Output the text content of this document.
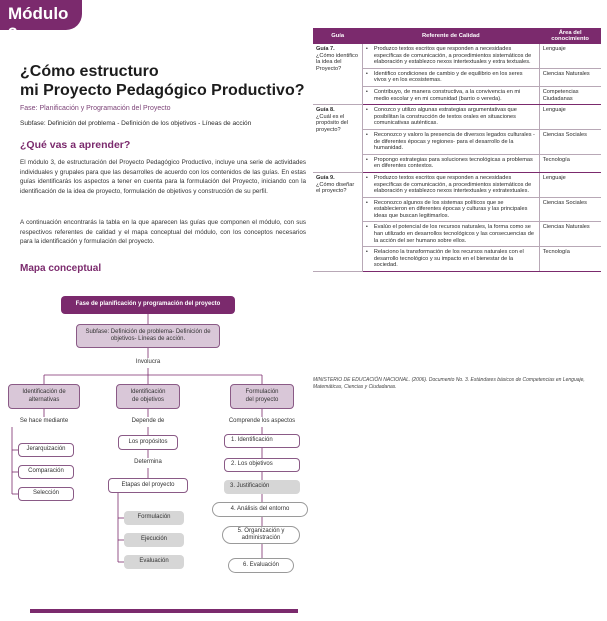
Módulo 3
¿Cómo estructuro
mi Proyecto Pedagógico Productivo?
Fase: Planificación y Programación del Proyecto
Subfase: Definición del problema - Definición de los objetivos - Líneas de acción
¿Qué vas a aprender?

El módulo 3, de estructuración del Proyecto Pedagógico Productivo, incluye una serie de actividades individuales y grupales para que las desarrolles de acuerdo con los contenidos de las guías. En estas guías identificarás los aspectos a tener en cuenta para la formulación del Proyecto, iniciando con la identificación de la idea de proyecto, formulación de objetivos y construcción de su perfil.

A continuación encontrarás la tabla en la que aparecen las guías que componen el módulo, con sus respectivos referentes de calidad y el mapa conceptual del módulo, con los conceptos necesarios para la identificación y formulación del proyecto.

Mapa conceptual
Fase de planificación y programación del proyecto
Subfase: Definición de problema- Definición de objetivos- Líneas de acción.
Involucra
Identificación de alternativas
Se hace mediante
Jerarquización
Comparación
Selección
Identificación de objetivos
Depende de
Los propósitos
Determina
Etapas del proyecto
Formulación
Ejecución
Evaluación
Formulación del proyecto
Comprende los aspectos
1. Identificación
2. Los objetivos
3. Justificación
4. Análisis del entorno
5. Organización y administración
6. Evaluación
Guía	Referente de Calidad	Área del conocimiento

Guía 7.
¿Cómo identifico la idea del Proyecto?	• Produzco textos escritos que responden a necesidades específicas de comunicación, a procedimientos sistemáticos de elaboración y establezco nexos intertextuales y extra textuales.	Lenguaje

	• Identifico condiciones de cambio y de equilibrio en los seres vivos y en los ecosistemas.	Ciencias Naturales

	• Contribuyo, de manera constructiva, a la convivencia en mi medio escolar y en mi comunidad (barrio o vereda).	Competencias Ciudadanas

Guía 8.
¿Cuál es el propósito del proyecto?	• Conozco y utilizo algunas estrategias argumentativas que posibilitan la construcción de textos orales en situaciones comunicativas auténticas.	Lenguaje

	• Reconozco y valoro la presencia de diversos legados culturales -de diferentes épocas y regiones- para el desarrollo de la humanidad.	Ciencias Sociales

	• Propongo estrategias para soluciones tecnológicas a problemas en diferentes contextos.	Tecnología

Guía 9.
¿Cómo diseñar el proyecto?	• Produzco textos escritos que responden a necesidades específicas de comunicación, a procedimientos sistemáticos de elaboración y establezco nexos intertextuales y extratextuales.	Lenguaje

	• Reconozco algunos de los sistemas políticos que se establecieron en diferentes épocas y culturas y las principales ideas que buscan legitimarlos.	Ciencias Sociales

	• Evalúo el potencial de los recursos naturales, la forma como se han utilizado en desarrollos tecnológicos y las consecuencias de la acción del ser humano sobre ellos.	Ciencias Naturales

	• Relaciono la transformación de los recursos naturales con el desarrollo tecnológico y su impacto en el bienestar de la sociedad.	Tecnología

MINISTERIO DE EDUCACIÓN NACIONAL. (2006). Documento No. 3. Estándares básicos de Competencias en Lenguaje, Matemáticas, Ciencias y Ciudadanas.
